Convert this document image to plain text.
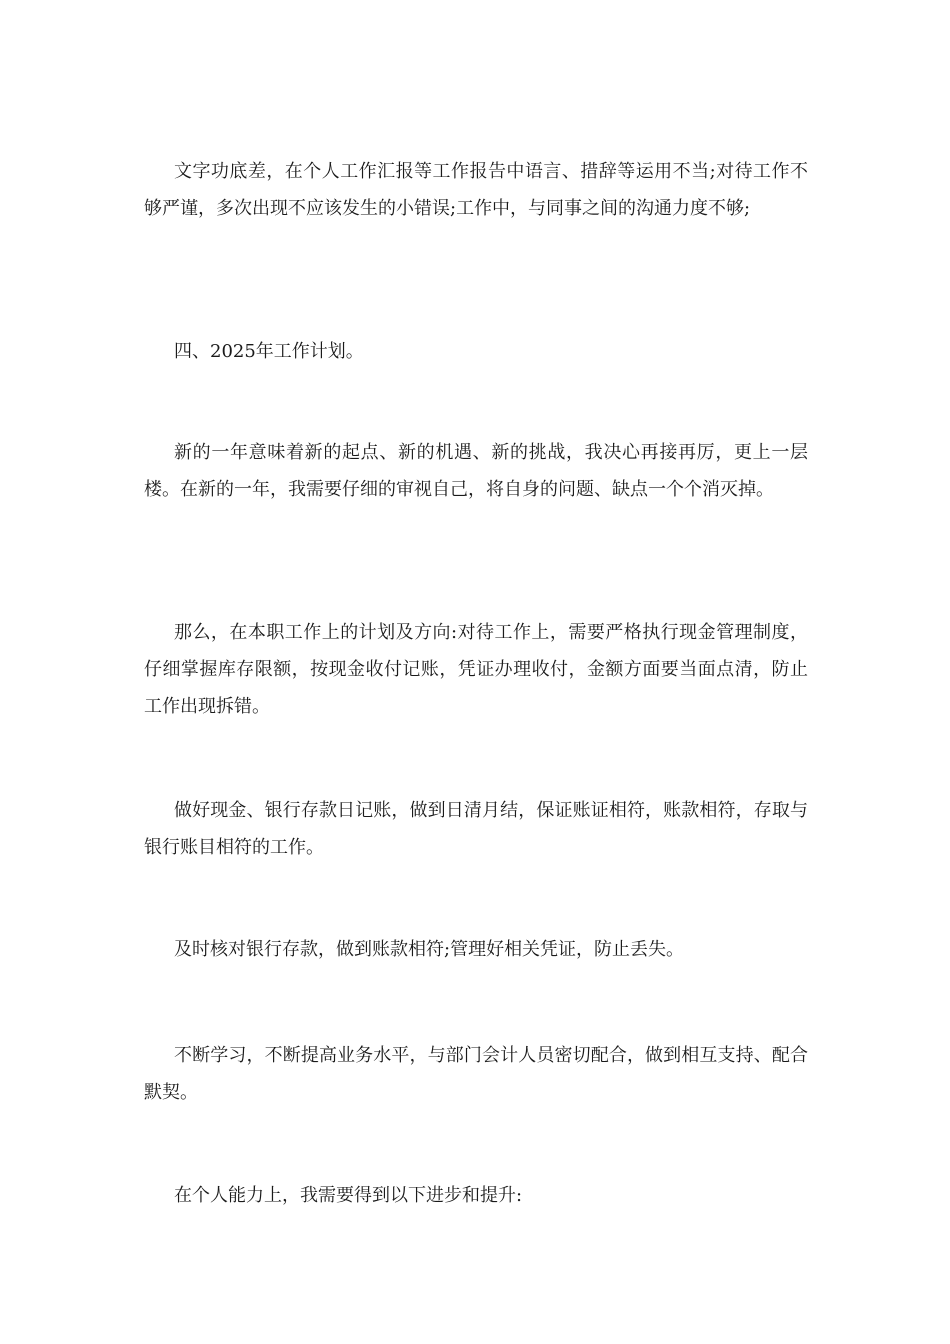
文字功底差，在个人工作汇报等工作报告中语言、措辞等运用不当;对待工作不够严谨，多次出现不应该发生的小错误;工作中，与同事之间的沟通力度不够;

四、2025年工作计划。

新的一年意味着新的起点、新的机遇、新的挑战，我决心再接再厉，更上一层楼。在新的一年，我需要仔细的审视自己，将自身的问题、缺点一个个消灭掉。

那么，在本职工作上的计划及方向:对待工作上，需要严格执行现金管理制度，仔细掌握库存限额，按现金收付记账，凭证办理收付，金额方面要当面点清，防止工作出现拆错。

做好现金、银行存款日记账，做到日清月结，保证账证相符，账款相符，存取与银行账目相符的工作。

及时核对银行存款，做到账款相符;管理好相关凭证，防止丢失。

不断学习，不断提高业务水平，与部门会计人员密切配合，做到相互支持、配合默契。

在个人能力上，我需要得到以下进步和提升:
